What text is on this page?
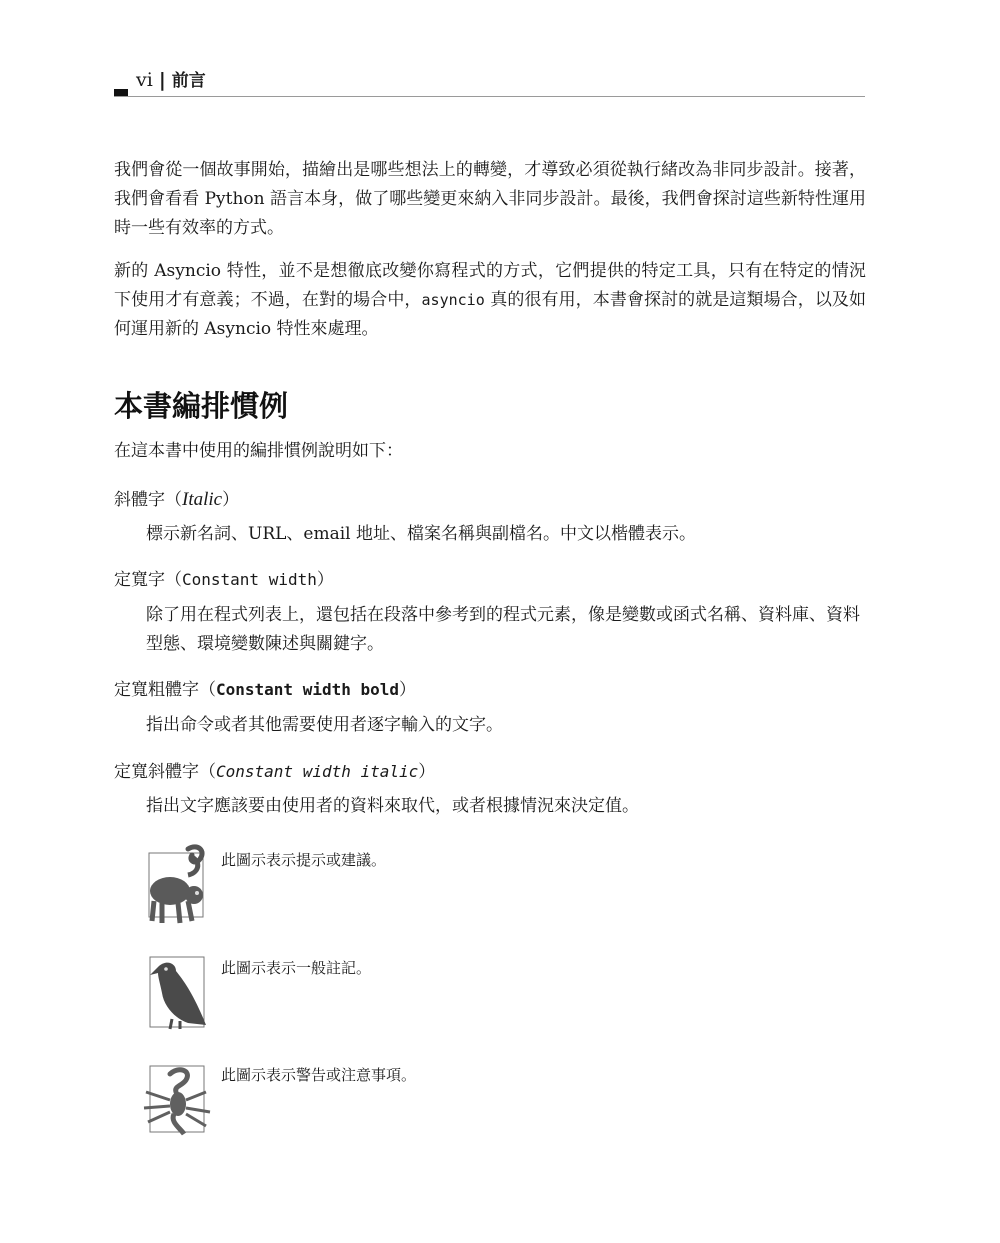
vi | 前言

我們會從一個故事開始，描繪出是哪些想法上的轉變，才導致必須從執行緒改為非同步設計。接著，我們會看看 Python 語言本身，做了哪些變更來納入非同步設計。最後，我們會探討這些新特性運用時一些有效率的方式。

新的 Asyncio 特性，並不是想徹底改變你寫程式的方式，它們提供的特定工具，只有在特定的情況下使用才有意義；不過，在對的場合中，asyncio 真的很有用，本書會探討的就是這類場合，以及如何運用新的 Asyncio 特性來處理。

本書編排慣例

在這本書中使用的編排慣例說明如下：

斜體字（Italic）

標示新名詞、URL、email 地址、檔案名稱與副檔名。中文以楷體表示。

定寬字（Constant width）

除了用在程式列表上，還包括在段落中參考到的程式元素，像是變數或函式名稱、資料庫、資料型態、環境變數陳述與關鍵字。

定寬粗體字（Constant width bold）

指出命令或者其他需要使用者逐字輸入的文字。

定寬斜體字（Constant width italic）

指出文字應該要由使用者的資料來取代，或者根據情況來決定值。

此圖示表示提示或建議。
此圖示表示一般註記。
此圖示表示警告或注意事項。
